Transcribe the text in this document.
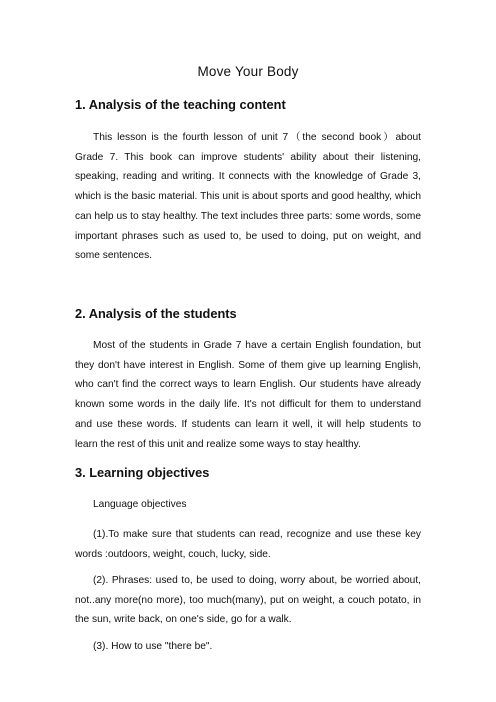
Move Your Body
1. Analysis of the teaching content

This lesson is the fourth lesson of unit 7（the second book）about Grade 7. This book can improve students' ability about their listening, speaking, reading and writing. It connects with the knowledge of Grade 3, which is the basic material. This unit is about sports and good healthy, which can help us to stay healthy. The text includes three parts: some words, some important phrases such as used to, be used to doing, put on weight, and some sentences.

2. Analysis of the students

Most of the students in Grade 7 have a certain English foundation, but they don't have interest in English. Some of them give up learning English, who can't find the correct ways to learn English. Our students have already known some words in the daily life. It's not difficult for them to understand and use these words. If students can learn it well, it will help students to learn the rest of this unit and realize some ways to stay healthy.

3. Learning objectives

Language objectives

(1).To make sure that students can read, recognize and use these key words :outdoors, weight, couch, lucky, side.

(2). Phrases: used to, be used to doing, worry about, be worried about, not..any more(no more), too much(many), put on weight, a couch potato, in the sun, write back, on one's side, go for a walk.

(3). How to use "there be".
